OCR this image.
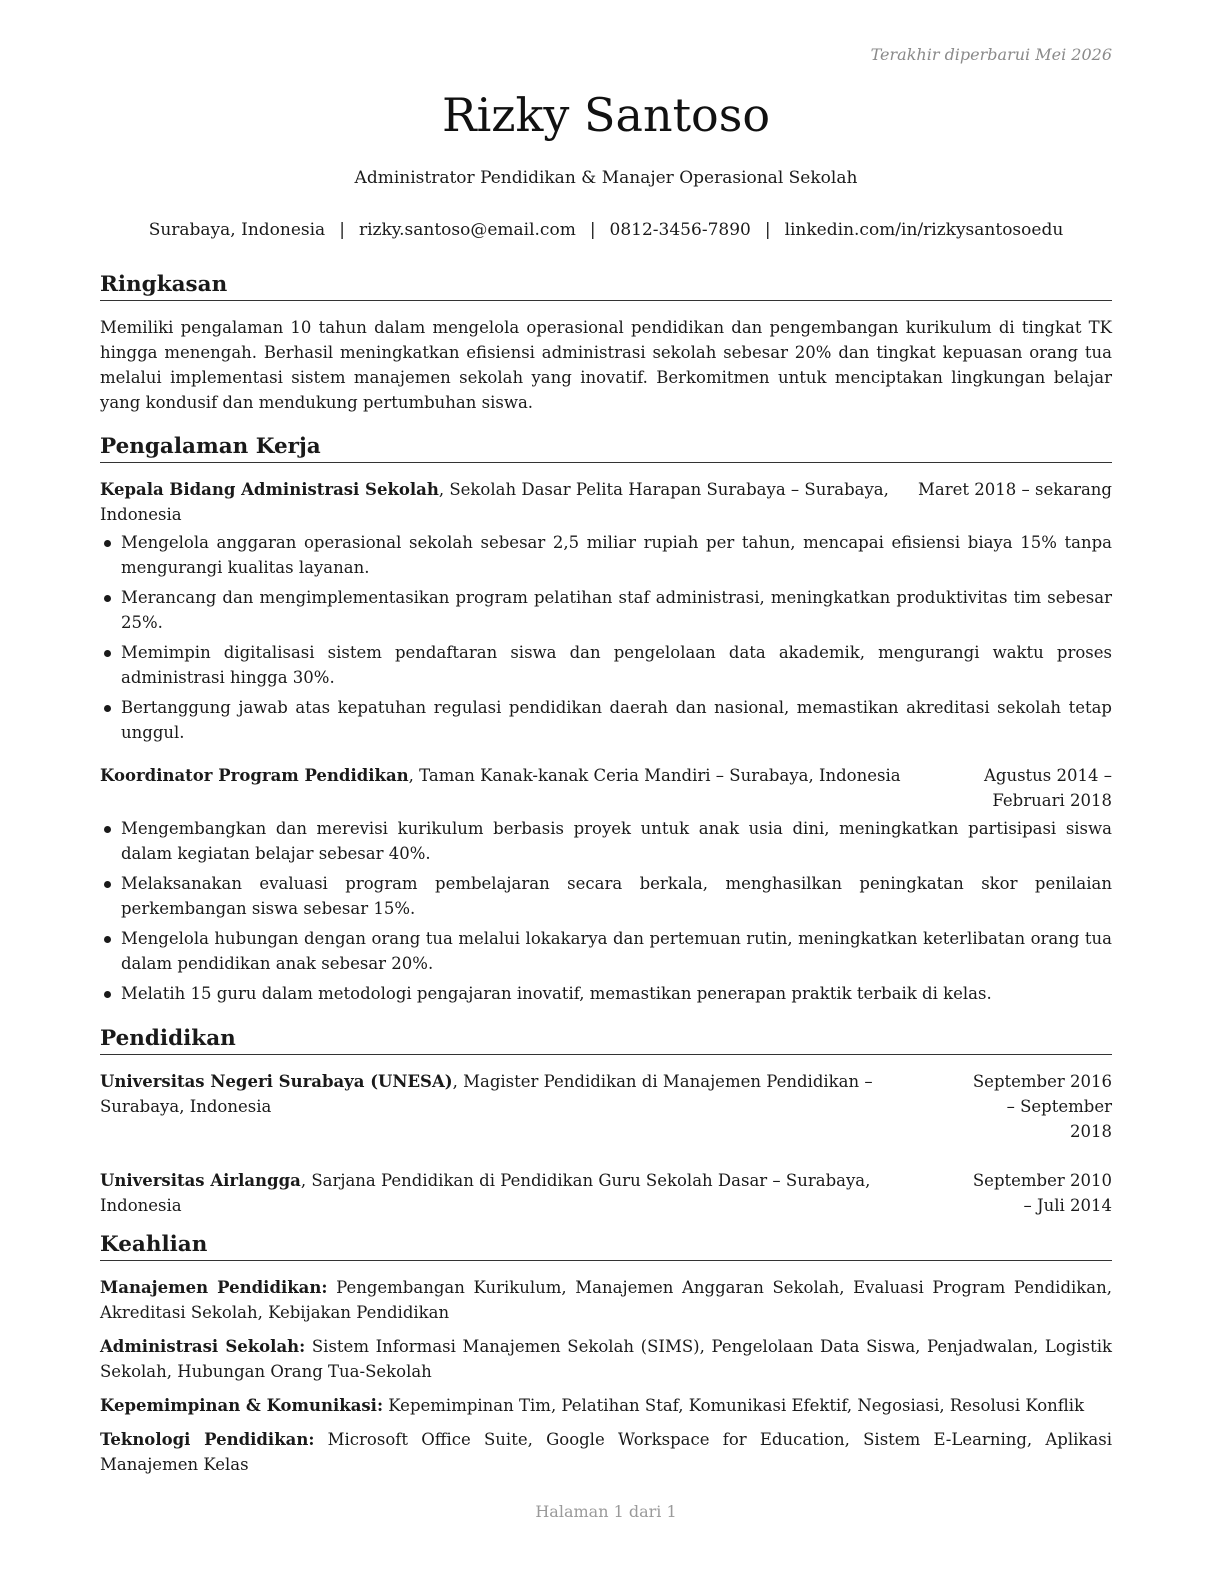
Terakhir diperbarui Mei 2026
Rizky Santoso
Administrator Pendidikan & Manajer Operasional Sekolah
Surabaya, Indonesia | rizky.santoso@email.com | 0812-3456-7890 | linkedin.com/in/rizkysantosoedu
Ringkasan

Memiliki pengalaman 10 tahun dalam mengelola operasional pendidikan dan pengembangan kurikulum di tingkat TK hingga menengah. Berhasil meningkatkan efisiensi administrasi sekolah sebesar 20% dan tingkat kepuasan orang tua melalui implementasi sistem manajemen sekolah yang inovatif. Berkomitmen untuk menciptakan lingkungan belajar yang kondusif dan mendukung pertumbuhan siswa.

Pengalaman Kerja
Kepala Bidang Administrasi Sekolah, Sekolah Dasar Pelita Harapan Surabaya – Surabaya, Indonesia
Maret 2018 – sekarang
Mengelola anggaran operasional sekolah sebesar 2,5 miliar rupiah per tahun, mencapai efisiensi biaya 15% tanpa mengurangi kualitas layanan.
Merancang dan mengimplementasikan program pelatihan staf administrasi, meningkatkan produktivitas tim sebesar 25%.
Memimpin digitalisasi sistem pendaftaran siswa dan pengelolaan data akademik, mengurangi waktu proses administrasi hingga 30%.
Bertanggung jawab atas kepatuhan regulasi pendidikan daerah dan nasional, memastikan akreditasi sekolah tetap unggul.
Koordinator Program Pendidikan, Taman Kanak-kanak Ceria Mandiri – Surabaya, Indonesia	Agustus 2014 – Februari 2018
Mengembangkan dan merevisi kurikulum berbasis proyek untuk anak usia dini, meningkatkan partisipasi siswa dalam kegiatan belajar sebesar 40%.
Melaksanakan evaluasi program pembelajaran secara berkala, menghasilkan peningkatan skor penilaian perkembangan siswa sebesar 15%.
Mengelola hubungan dengan orang tua melalui lokakarya dan pertemuan rutin, meningkatkan keterlibatan orang tua dalam pendidikan anak sebesar 20%.
Melatih 15 guru dalam metodologi pengajaran inovatif, memastikan penerapan praktik terbaik di kelas.
Pendidikan
Universitas Negeri Surabaya (UNESA), Magister Pendidikan di Manajemen Pendidikan – Surabaya, Indonesia
September 2016 – September 2018
Universitas Airlangga, Sarjana Pendidikan di Pendidikan Guru Sekolah Dasar – Surabaya, Indonesia
September 2010 – Juli 2014
Keahlian
Manajemen Pendidikan: Pengembangan Kurikulum, Manajemen Anggaran Sekolah, Evaluasi Program Pendidikan, Akreditasi Sekolah, Kebijakan Pendidikan
Administrasi Sekolah: Sistem Informasi Manajemen Sekolah (SIMS), Pengelolaan Data Siswa, Penjadwalan, Logistik Sekolah, Hubungan Orang Tua-Sekolah
Kepemimpinan & Komunikasi: Kepemimpinan Tim, Pelatihan Staf, Komunikasi Efektif, Negosiasi, Resolusi Konflik
Teknologi Pendidikan: Microsoft Office Suite, Google Workspace for Education, Sistem E-Learning, Aplikasi Manajemen Kelas
Halaman 1 dari 1
